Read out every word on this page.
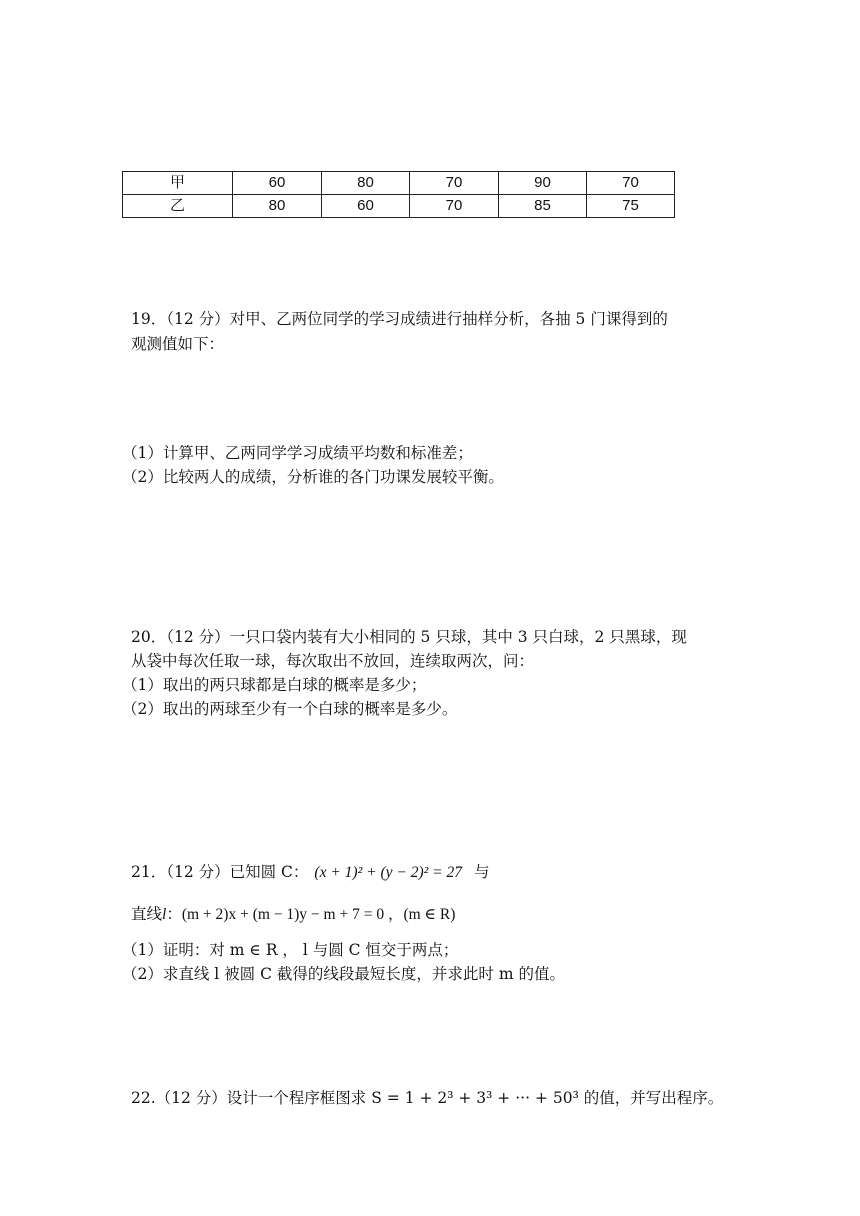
甲	60	80	70	90	70
乙	80	60	70	85	75
19．（12 分）对甲、乙两位同学的学习成绩进行抽样分析，各抽 5 门课得到的
观测值如下：
（1）计算甲、乙两同学学习成绩平均数和标准差；
（2）比较两人的成绩，分析谁的各门功课发展较平衡。
20．（12 分）一只口袋内装有大小相同的 5 只球，其中 3 只白球，2 只黑球，现
从袋中每次任取一球，每次取出不放回，连续取两次，问：
（1）取出的两只球都是白球的概率是多少；
（2）取出的两球至少有一个白球的概率是多少。
21．（12 分）已知圆 C： (x + 1)² + (y − 2)² = 27 与
直线l：(m + 2)x + (m − 1)y − m + 7 = 0 ，(m ∈ R)
（1）证明：对 m ∈ R ， l 与圆 C 恒交于两点；
（2）求直线 l 被圆 C 截得的线段最短长度，并求此时 m 的值。
22.（12 分）设计一个程序框图求 S = 1 + 2³ + 3³ + ··· + 50³ 的值，并写出程序。
